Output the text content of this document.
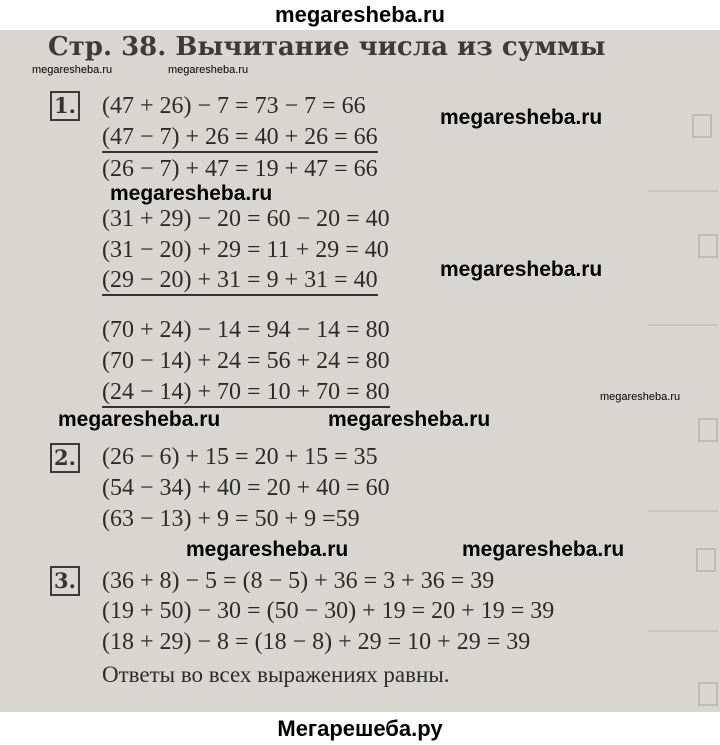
megaresheba.ru
Стр. 38. Вычитание числа из суммы
1. (47 + 26) − 7 = 73 − 7 = 66
(47 − 7) + 26 = 40 + 26 = 66
(26 − 7) + 47 = 19 + 47 = 66
(31 + 29) − 20 = 60 − 20 = 40
(31 − 20) + 29 = 11 + 29 = 40
(29 − 20) + 31 = 9 + 31 = 40
(70 + 24) − 14 = 94 − 14 = 80
(70 − 14) + 24 = 56 + 24 = 80
(24 − 14) + 70 = 10 + 70 = 80
2. (26 − 6) + 15 = 20 + 15 = 35
(54 − 34) + 40 = 20 + 40 = 60
(63 − 13) + 9 = 50 + 9 =59
3. (36 + 8) − 5 = (8 − 5) + 36 = 3 + 36 = 39
(19 + 50) − 30 = (50 − 30) + 19 = 20 + 19 = 39
(18 + 29) − 8 = (18 − 8) + 29 = 10 + 29 = 39
Ответы во всех выражениях равны.
megaresheba.ru	megaresheba.ru
megaresheba.ru
megaresheba.ru
megaresheba.ru
megaresheba.ru
megaresheba.ru	megaresheba.ru
megaresheba.ru	megaresheba.ru
Мегарешеба.ру
